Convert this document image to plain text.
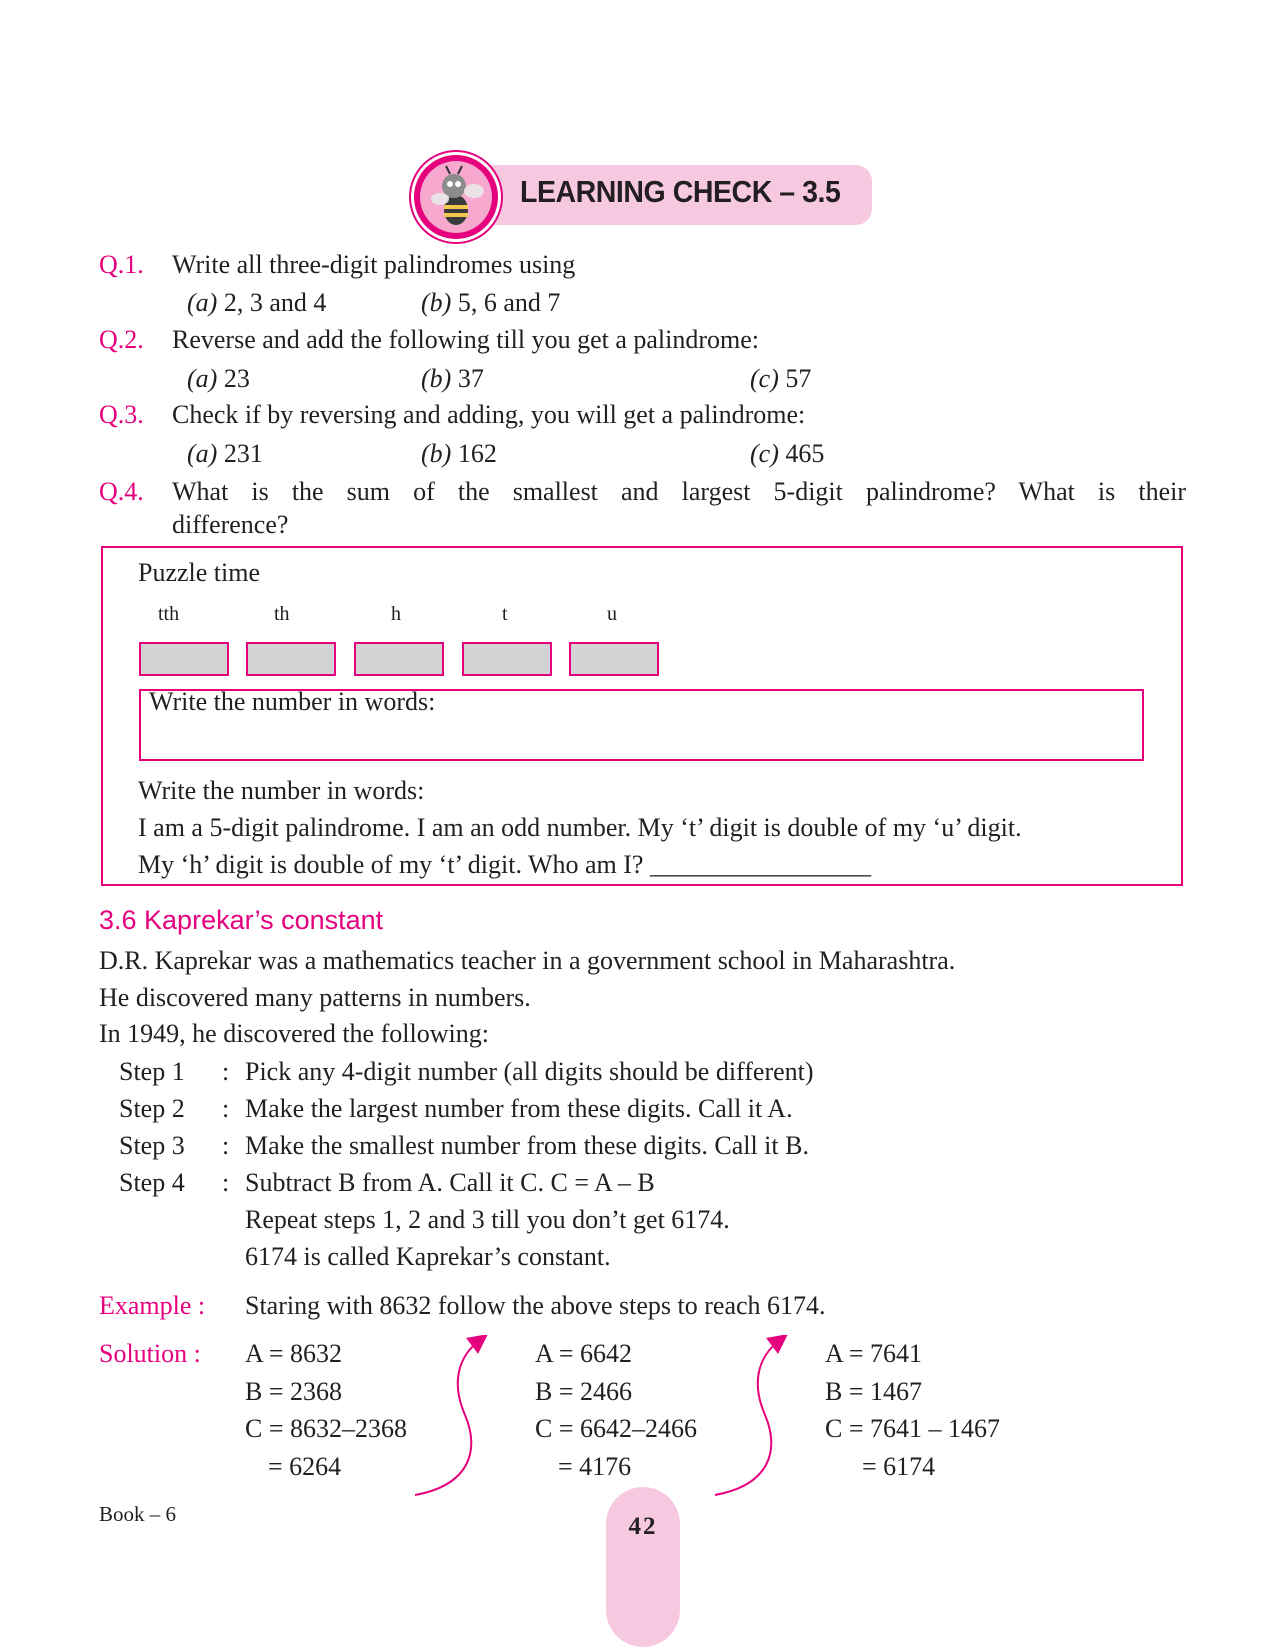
LEARNING CHECK – 3.5
Q.1. Write all three-digit palindromes using
(a) 2, 3 and 4	(b) 5, 6 and 7
Q.2. Reverse and add the following till you get a palindrome:
(a) 23	(b) 37	(c) 57
Q.3. Check if by reversing and adding, you will get a palindrome:
(a) 231	(b) 162	(c) 465
Q.4. What is the sum of the smallest and largest 5-digit palindrome? What is their
difference?
Puzzle time
tth	th	h	t	u
Write the number in words:
Write the number in words:
I am a 5-digit palindrome. I am an odd number. My ‘t’ digit is double of my ‘u’ digit.
My ‘h’ digit is double of my ‘t’ digit. Who am I? _________________
3.6 Kaprekar’s constant
D.R. Kaprekar was a mathematics teacher in a government school in Maharashtra.
He discovered many patterns in numbers.
In 1949, he discovered the following:
Step 1 : Pick any 4-digit number (all digits should be different)
Step 2 : Make the largest number from these digits. Call it A.
Step 3 : Make the smallest number from these digits. Call it B.
Step 4 : Subtract B from A. Call it C. C = A – B
Repeat steps 1, 2 and 3 till you don’t get 6174.
6174 is called Kaprekar’s constant.
Example : Staring with 8632 follow the above steps to reach 6174.
Solution : A = 8632
B = 2368
C = 8632–2368
= 6264
A = 6642
B = 2466
C = 6642–2466
= 4176
A = 7641
B = 1467
C = 7641 – 1467
= 6174
Book – 6	42
